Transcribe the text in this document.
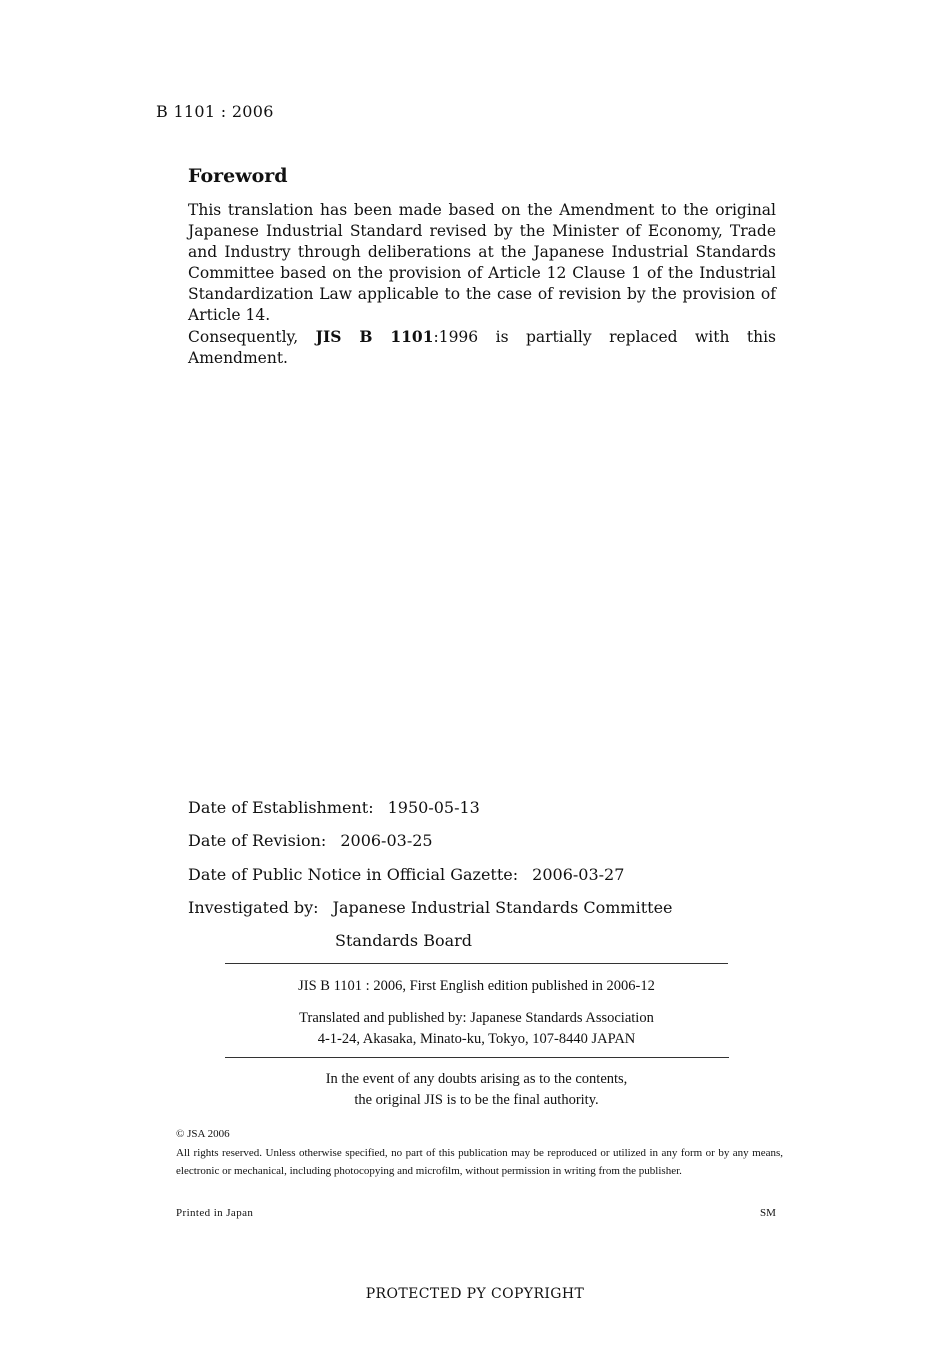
B 1101 : 2006
Foreword

This translation has been made based on the Amendment to the original Japanese Industrial Standard revised by the Minister of Economy, Trade and Industry through deliberations at the Japanese Industrial Standards Committee based on the provision of Article 12 Clause 1 of the Industrial Standardization Law applicable to the case of revision by the provision of Article 14.

Consequently, JIS B 1101:1996 is partially replaced with this Amendment.

Date of Establishment: 1950-05-13
Date of Revision: 2006-03-25
Date of Public Notice in Official Gazette: 2006-03-27
Investigated by: Japanese Industrial Standards Committee
Standards Board
JIS B 1101 : 2006, First English edition published in 2006-12
Translated and published by: Japanese Standards Association
4-1-24, Akasaka, Minato-ku, Tokyo, 107-8440 JAPAN
In the event of any doubts arising as to the contents,
the original JIS is to be the final authority.
© JSA 2006
All rights reserved. Unless otherwise specified, no part of this publication may be reproduced or utilized in any form or by any means, electronic or mechanical, including photocopying and microfilm, without permission in writing from the publisher.
Printed in Japan	SM
PROTECTED PY COPYRIGHT
